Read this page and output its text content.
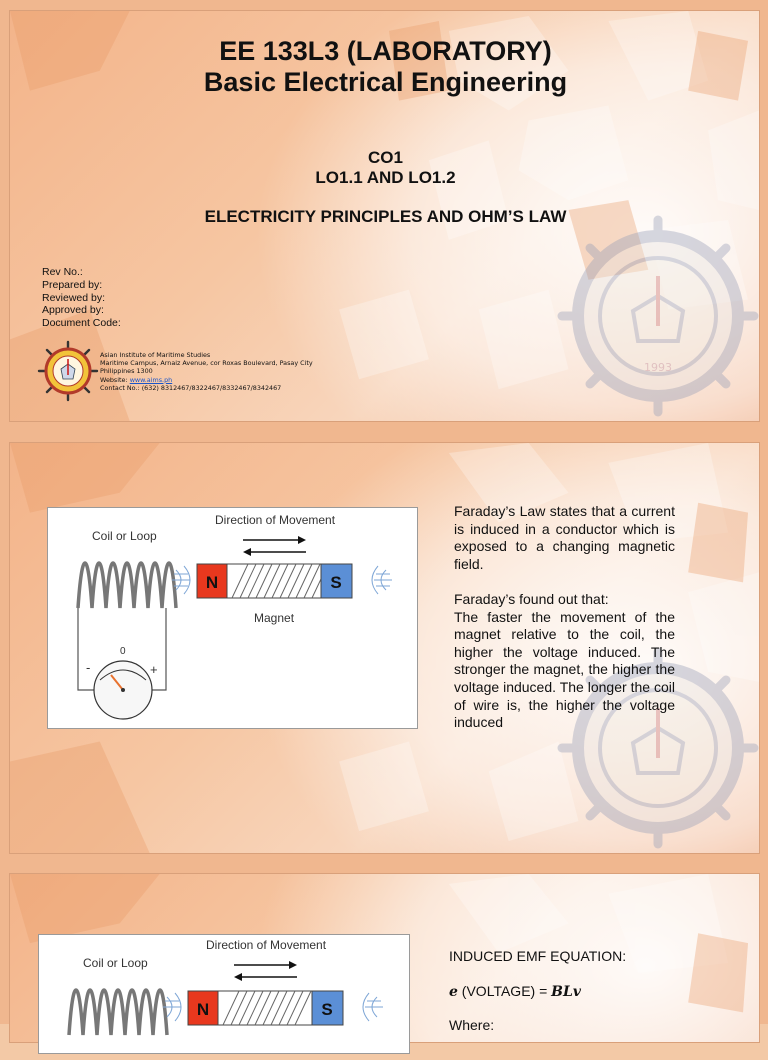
1993
EE 133L3 (LABORATORY)
Basic Electrical Engineering
CO1
LO1.1 AND LO1.2
ELECTRICITY PRINCIPLES AND OHM’S LAW
Rev No.:
Prepared by:
Reviewed by:
Approved by:
Document Code:
Asian Institute of Maritime Studies
Maritime Campus, Arnaiz Avenue, cor Roxas Boulevard, Pasay City
Philippines 1300
Website: www.aims.ph
Contact No.: (632) 8312467/8322467/8332467/8342467
Coil or Loop
Direction of Movement
N	S
Magnet
0
-	+

Faraday’s Law states that a current is induced in a conductor which is exposed to a changing magnetic field.

Faraday’s found out that:

The faster the movement of the magnet relative to the coil, the higher the voltage induced. The stronger the magnet, the higher the voltage induced. The longer the coil of wire is, the higher the voltage induced

Coil or Loop
Direction of Movement
N	S
INDUCED EMF EQUATION:
e (VOLTAGE) = BLv
Where:
